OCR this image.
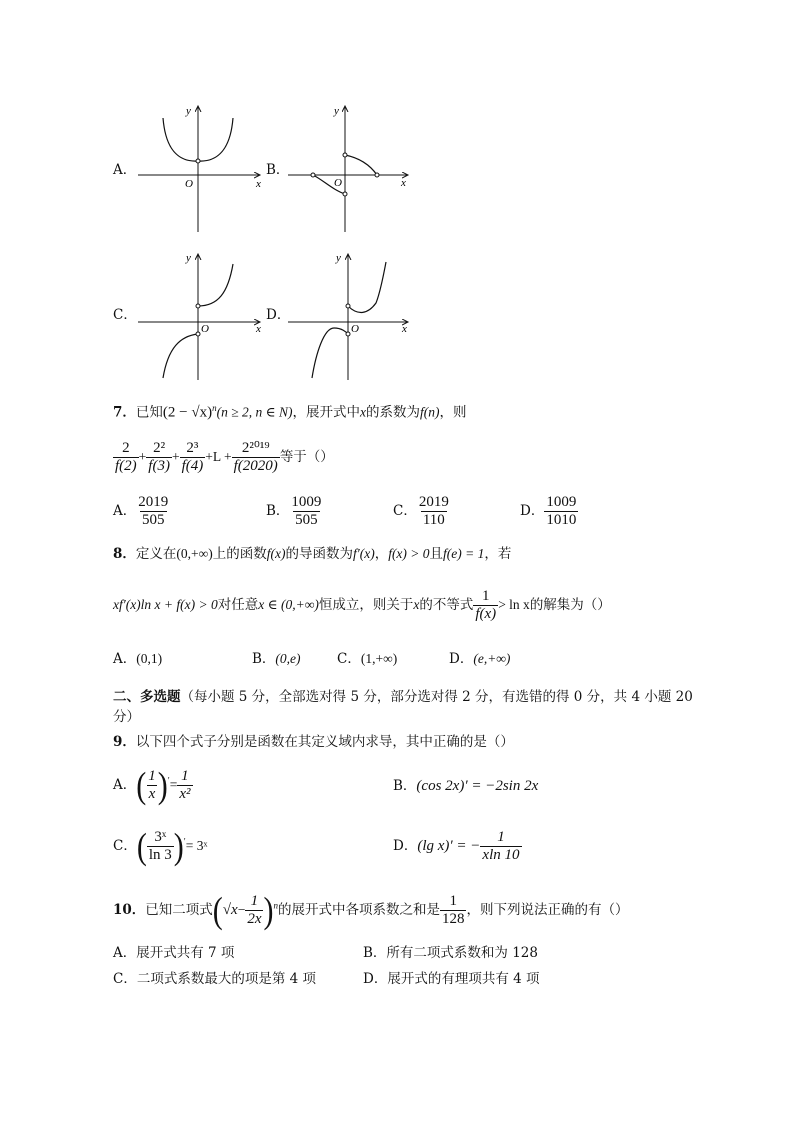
A．
O	x
y
B．
O	x
y
C．
O	x
y
D．
O	x
y
7．已知$(2 - √x)^n(n \ge 2$, n ∈ N)，展开式中x的系数为f(n)，则
$\frac{2}{f(2)} + \frac{\text{2²}}{f(3)} + \frac{\text{2³}}{f(4)} +L + \frac{\text{2²⁰¹⁹}}{f(2020)}$ 等于（）
A． $\frac{2019}{505}$	B． $\frac{1009}{505}$	C． $\frac{2019}{110}$	D． $\frac{1009}{1010}$
8．定义在(0,+∞)上的函数f(x)的导函数为f′(x)，f(x) > 0且f(e) = 1，若
xf′(x)ln x + f(x) > 0对任意x ∈ (0,+∞)恒成立，则关于x的不等式 $\frac{1}{f(x)} > \ln x$的解集为（）
A．(0,1)	B．(0,e)	C．(1,+∞)	D．(e,+∞)
二、多选题（每小题 5 分，全部选对得 5 分，部分选对得 2 分，有选错的得 0 分，共 4 小题 20
分）
9．以下四个式子分别是函数在其定义域内求导，其中正确的是（）
A．( $\frac{1}{x} )'= \frac{1}{\text{x²}}$	B．(cos 2x)′ = −2sin 2x
C．( $\frac{\text{3ˣ}}{\ln 3} )'=$ 3ˣ	D．(lg x)′ = − $\frac{1}{xln 10}$
10．已知二项式$(√x- \frac{1}{2x} )^n$的展开式中各项系数之和是 $\frac{1}{128}$ ，则下列说法正确的有（）
A．展开式共有 7 项	B．所有二项式系数和为 128
C．二项式系数最大的项是第 4 项	D．展开式的有理项共有 4 项
